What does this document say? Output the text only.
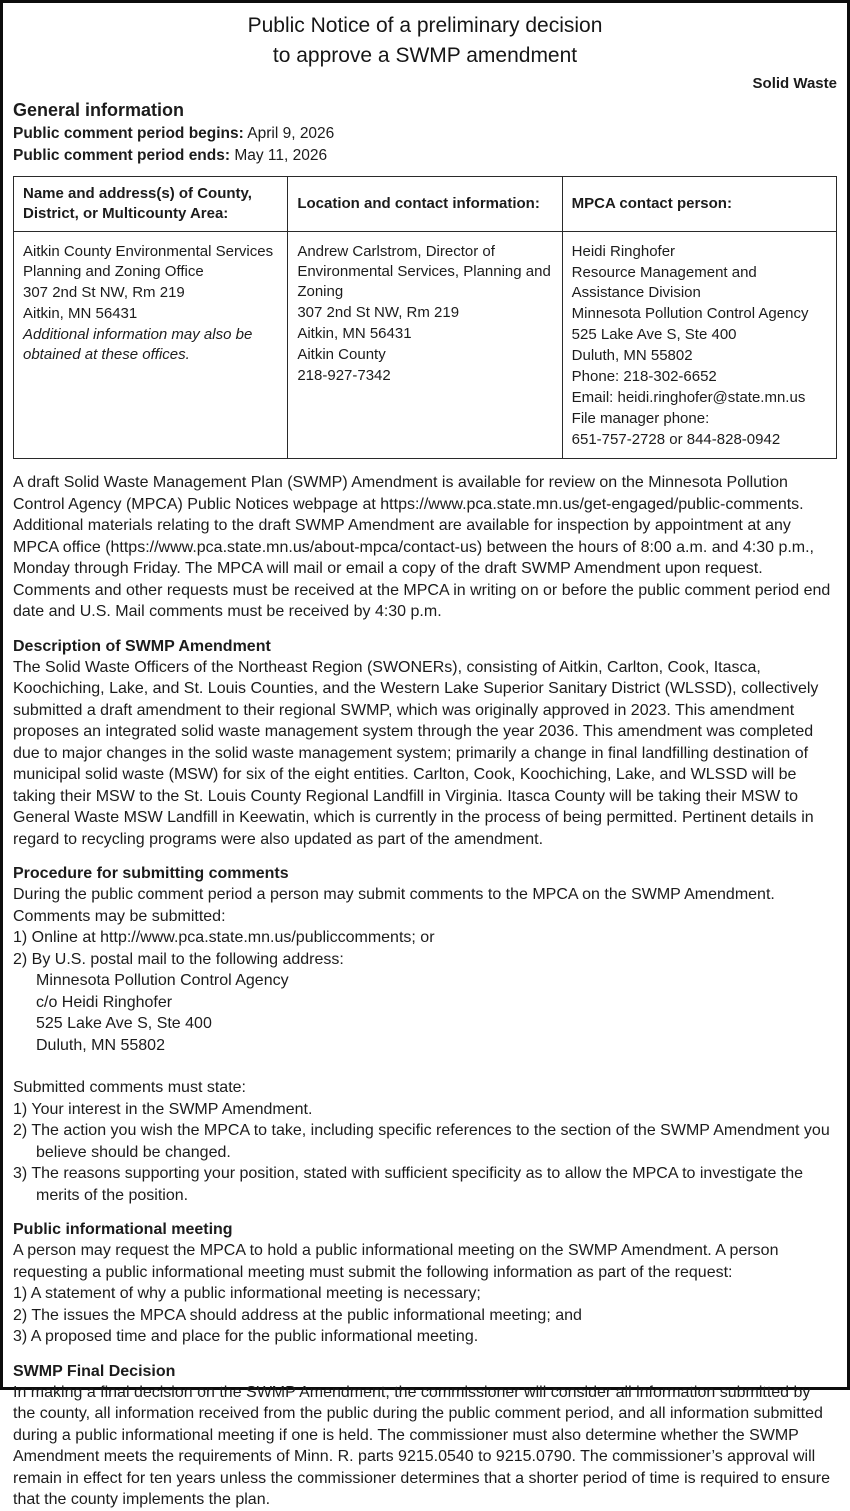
Public Notice of a preliminary decision
to approve a SWMP amendment
Solid Waste
General information
Public comment period begins: April 9, 2026
Public comment period ends: May 11, 2026
Name and address(s) of County, District, or Multicounty Area:	Location and contact information:	MPCA contact person:

Aitkin County Environmental Services Planning and Zoning Office
307 2nd St NW, Rm 219
Aitkin, MN 56431
Additional information may also be obtained at these offices.

Andrew Carlstrom, Director of Environmental Services, Planning and Zoning
307 2nd St NW, Rm 219
Aitkin, MN 56431
Aitkin County
218-927-7342

Heidi Ringhofer
Resource Management and Assistance Division
Minnesota Pollution Control Agency
525 Lake Ave S, Ste 400
Duluth, MN 55802
Phone: 218-302-6652
Email: heidi.ringhofer@state.mn.us
File manager phone:
651-757-2728 or 844-828-0942
A draft Solid Waste Management Plan (SWMP) Amendment is available for review on the Minnesota Pollution Control Agency (MPCA) Public Notices webpage at https://www.pca.state.mn.us/get-engaged/public-comments. Additional materials relating to the draft SWMP Amendment are available for inspection by appointment at any MPCA office (https://www.pca.state.mn.us/about-mpca/contact-us) between the hours of 8:00 a.m. and 4:30 p.m., Monday through Friday. The MPCA will mail or email a copy of the draft SWMP Amendment upon request. Comments and other requests must be received at the MPCA in writing on or before the public comment period end date and U.S. Mail comments must be received by 4:30 p.m.
Description of SWMP Amendment
The Solid Waste Officers of the Northeast Region (SWONERs), consisting of Aitkin, Carlton, Cook, Itasca, Koochiching, Lake, and St. Louis Counties, and the Western Lake Superior Sanitary District (WLSSD), collectively submitted a draft amendment to their regional SWMP, which was originally approved in 2023. This amendment proposes an integrated solid waste management system through the year 2036. This amendment was completed due to major changes in the solid waste management system; primarily a change in final landfilling destination of municipal solid waste (MSW) for six of the eight entities. Carlton, Cook, Koochiching, Lake, and WLSSD will be taking their MSW to the St. Louis County Regional Landfill in Virginia. Itasca County will be taking their MSW to General Waste MSW Landfill in Keewatin, which is currently in the process of being permitted. Pertinent details in regard to recycling programs were also updated as part of the amendment.
Procedure for submitting comments
During the public comment period a person may submit comments to the MPCA on the SWMP Amendment. Comments may be submitted:
1) Online at http://www.pca.state.mn.us/publiccomments; or
2) By U.S. postal mail to the following address:
Minnesota Pollution Control Agency
c/o Heidi Ringhofer
525 Lake Ave S, Ste 400
Duluth, MN 55802
Submitted comments must state:
1) Your interest in the SWMP Amendment.
2) The action you wish the MPCA to take, including specific references to the section of the SWMP Amendment you believe should be changed.
3) The reasons supporting your position, stated with sufficient specificity as to allow the MPCA to investigate the merits of the position.
Public informational meeting
A person may request the MPCA to hold a public informational meeting on the SWMP Amendment. A person requesting a public informational meeting must submit the following information as part of the request:
1) A statement of why a public informational meeting is necessary;
2) The issues the MPCA should address at the public informational meeting; and
3) A proposed time and place for the public informational meeting.
SWMP Final Decision
In making a final decision on the SWMP Amendment, the commissioner will consider all information submitted by the county, all information received from the public during the public comment period, and all information submitted during a public informational meeting if one is held. The commissioner must also determine whether the SWMP Amendment meets the requirements of Minn. R. parts 9215.0540 to 9215.0790. The commissioner’s approval will remain in effect for ten years unless the commissioner determines that a shorter period of time is required to ensure that the county implements the plan.
